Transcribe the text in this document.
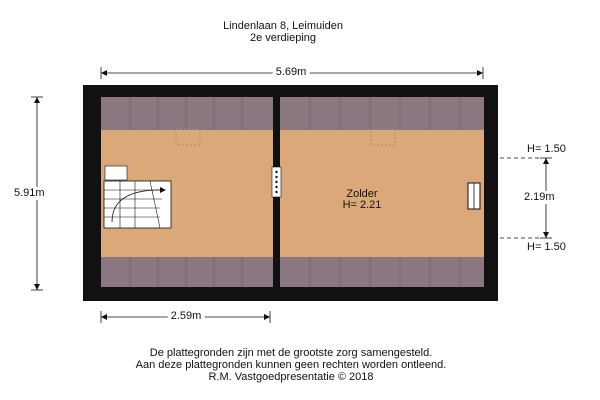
Lindenlaan 8, Leimuiden
2e verdieping
5.69m
5.91m
2.59m
2.19m
H= 1.50
H= 1.50
Zolder
H= 2.21
De plattegronden zijn met de grootste zorg samengesteld.
Aan deze plattegronden kunnen geen rechten worden ontleend.
R.M. Vastgoedpresentatie © 2018
